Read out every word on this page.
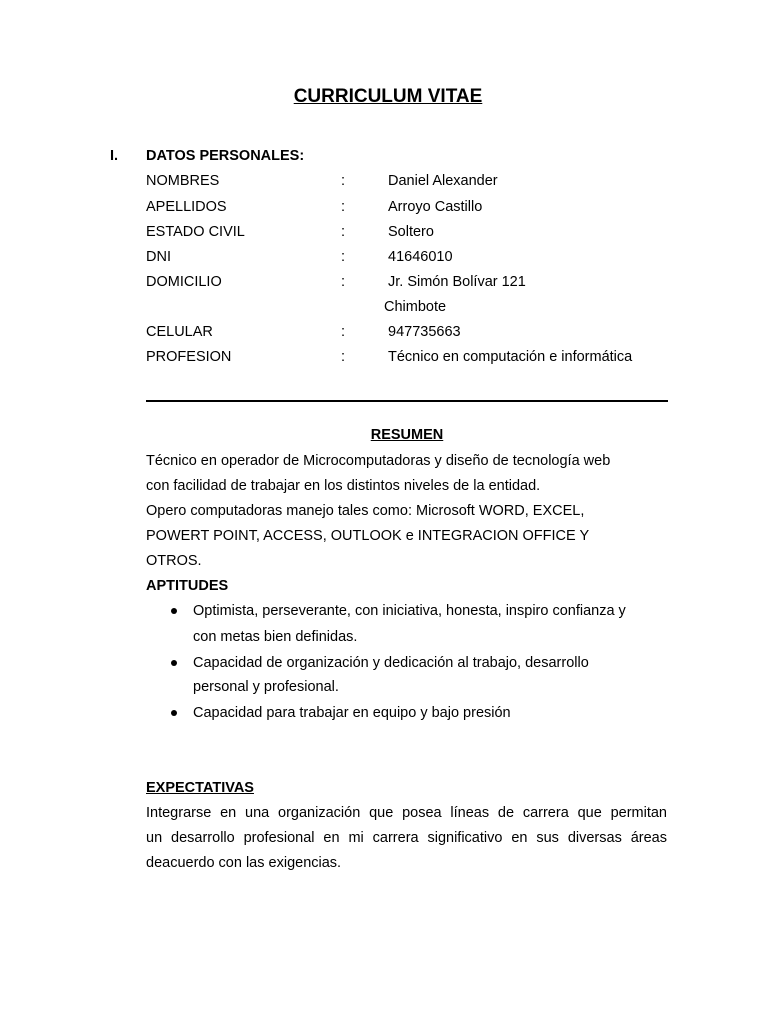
CURRICULUM VITAE
I. DATOS PERSONALES:
NOMBRES	:	Daniel Alexander
APELLIDOS	:	Arroyo Castillo
ESTADO CIVIL	:	Soltero
DNI	:	41646010
DOMICILIO	:	Jr. Simón Bolívar 121
Chimbote
CELULAR	:	947735663
PROFESION	:	Técnico en computación e informática
RESUMEN
Técnico en operador de Microcomputadoras y diseño de tecnología web
con facilidad de trabajar en los distintos niveles de la entidad.
Opero computadoras manejo tales como: Microsoft WORD, EXCEL,
POWERT POINT, ACCESS, OUTLOOK e INTEGRACION OFFICE Y
OTROS.
APTITUDES
Optimista, perseverante, con iniciativa, honesta, inspiro confianza y
con metas bien definidas.
Capacidad de organización y dedicación al trabajo, desarrollo
personal y profesional.
Capacidad para trabajar en equipo y bajo presión
EXPECTATIVAS
Integrarse en una organización que posea líneas de carrera que permitan
un desarrollo profesional en mi carrera significativo en sus diversas áreas
deacuerdo con las exigencias.
